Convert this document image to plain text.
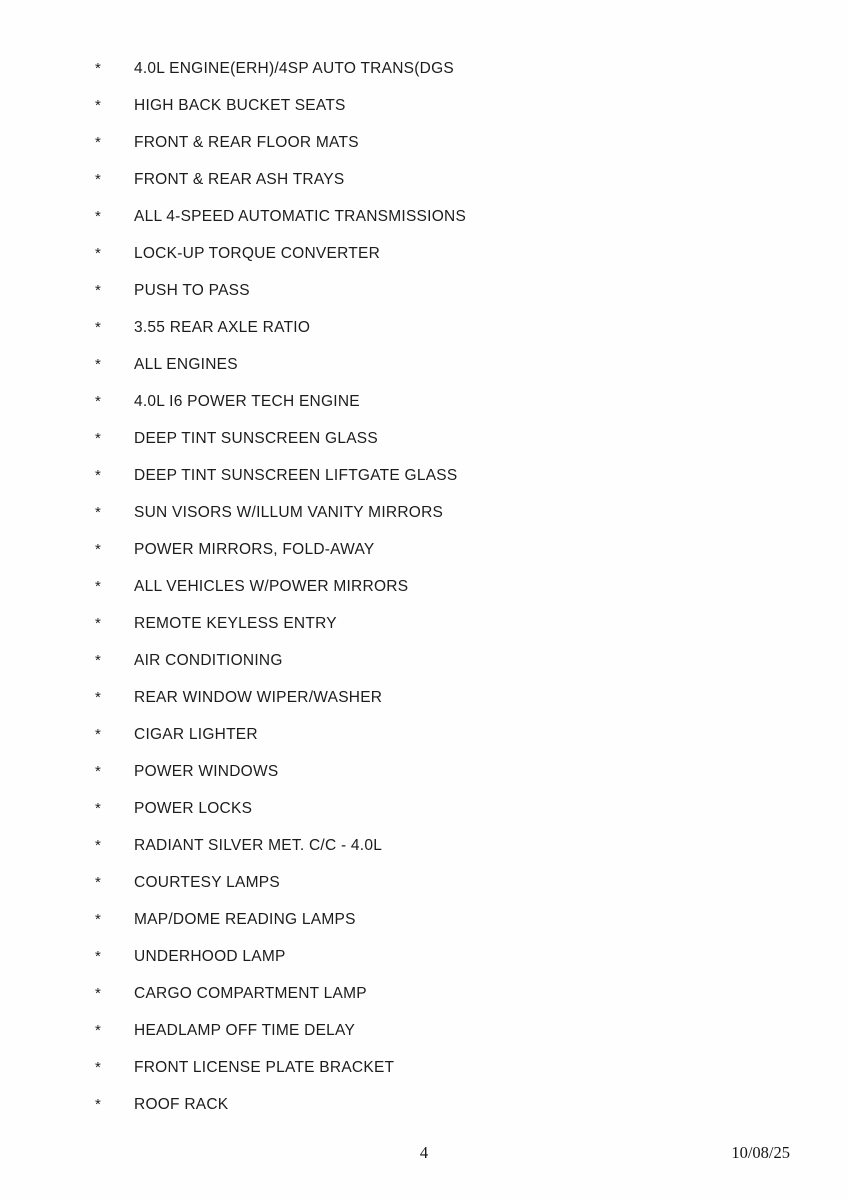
*	4.0L ENGINE(ERH)/4SP AUTO TRANS(DGS
*	HIGH BACK BUCKET SEATS
*	FRONT & REAR FLOOR MATS
*	FRONT & REAR ASH TRAYS
*	ALL 4-SPEED AUTOMATIC TRANSMISSIONS
*	LOCK-UP TORQUE CONVERTER
*	PUSH TO PASS
*	3.55 REAR AXLE RATIO
*	ALL ENGINES
*	4.0L I6 POWER TECH ENGINE
*	DEEP TINT SUNSCREEN GLASS
*	DEEP TINT SUNSCREEN LIFTGATE GLASS
*	SUN VISORS W/ILLUM VANITY MIRRORS
*	POWER MIRRORS, FOLD-AWAY
*	ALL VEHICLES W/POWER MIRRORS
*	REMOTE KEYLESS ENTRY
*	AIR CONDITIONING
*	REAR WINDOW WIPER/WASHER
*	CIGAR LIGHTER
*	POWER WINDOWS
*	POWER LOCKS
*	RADIANT SILVER MET. C/C - 4.0L
*	COURTESY LAMPS
*	MAP/DOME READING LAMPS
*	UNDERHOOD LAMP
*	CARGO COMPARTMENT LAMP
*	HEADLAMP OFF TIME DELAY
*	FRONT LICENSE PLATE BRACKET
*	ROOF RACK
4	10/08/25
